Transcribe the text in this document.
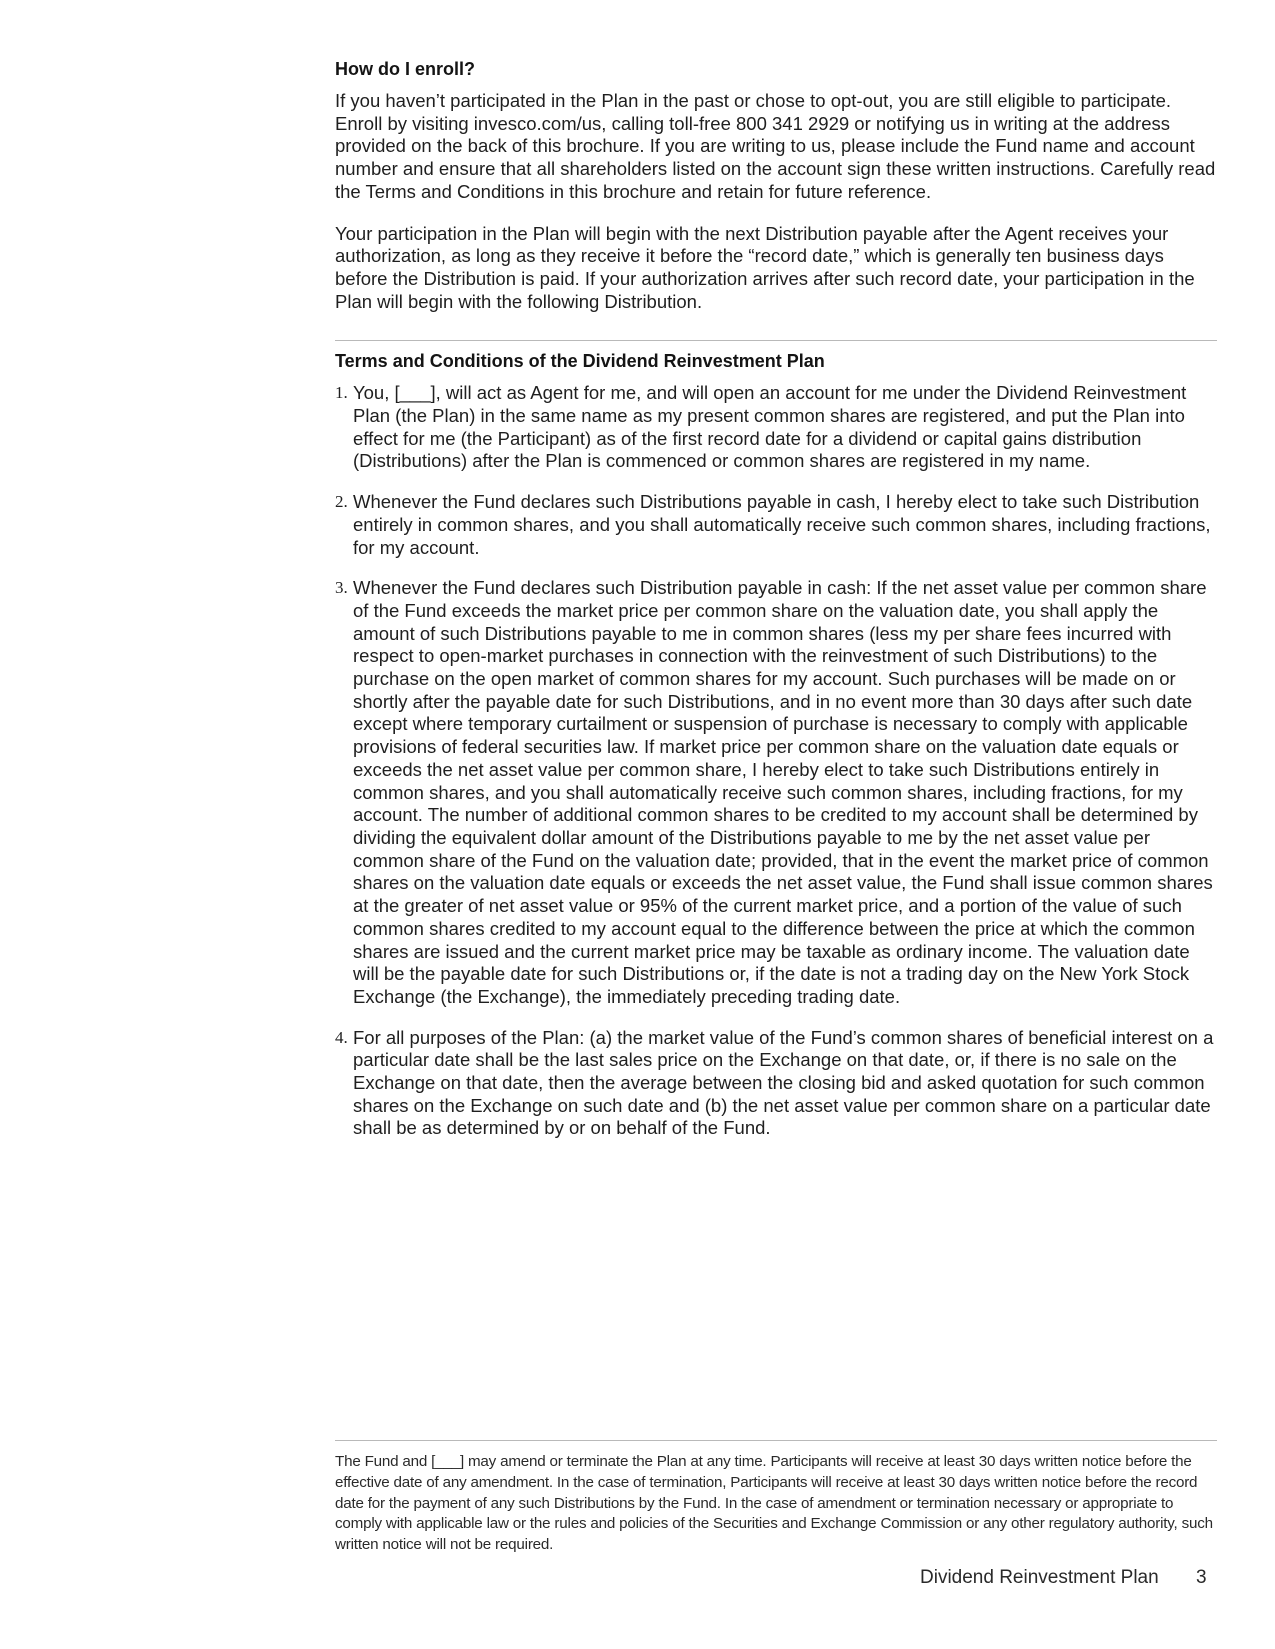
How do I enroll?

If you haven’t participated in the Plan in the past or chose to opt-out, you are still eligible to participate. Enroll by visiting invesco.com/us, calling toll-free 800 341 2929 or notifying us in writing at the address provided on the back of this brochure. If you are writing to us, please include the Fund name and account number and ensure that all shareholders listed on the account sign these written instructions. Carefully read the Terms and Conditions in this brochure and retain for future reference.

Your participation in the Plan will begin with the next Distribution payable after the Agent receives your authorization, as long as they receive it before the “record date,” which is generally ten business days before the Distribution is paid. If your authorization arrives after such record date, your participation in the Plan will begin with the following Distribution.

Terms and Conditions of the Dividend Reinvestment Plan
1. You, [___], will act as Agent for me, and will open an account for me under the Dividend Reinvestment Plan (the Plan) in the same name as my present common shares are registered, and put the Plan into effect for me (the Participant) as of the first record date for a dividend or capital gains distribution (Distributions) after the Plan is commenced or common shares are registered in my name.
2. Whenever the Fund declares such Distributions payable in cash, I hereby elect to take such Distribution entirely in common shares, and you shall automatically receive such common shares, including fractions, for my account.
3. Whenever the Fund declares such Distribution payable in cash: If the net asset value per common share of the Fund exceeds the market price per common share on the valuation date, you shall apply the amount of such Distributions payable to me in common shares (less my per share fees incurred with respect to open-market purchases in connection with the reinvestment of such Distributions) to the purchase on the open market of common shares for my account. Such purchases will be made on or shortly after the payable date for such Distributions, and in no event more than 30 days after such date except where temporary curtailment or suspension of purchase is necessary to comply with applicable provisions of federal securities law. If market price per common share on the valuation date equals or exceeds the net asset value per common share, I hereby elect to take such Distributions entirely in common shares, and you shall automatically receive such common shares, including fractions, for my account. The number of additional common shares to be credited to my account shall be determined by dividing the equivalent dollar amount of the Distributions payable to me by the net asset value per common share of the Fund on the valuation date; provided, that in the event the market price of common shares on the valuation date equals or exceeds the net asset value, the Fund shall issue common shares at the greater of net asset value or 95% of the current market price, and a portion of the value of such common shares credited to my account equal to the difference between the price at which the common shares are issued and the current market price may be taxable as ordinary income. The valuation date will be the payable date for such Distributions or, if the date is not a trading day on the New York Stock Exchange (the Exchange), the immediately preceding trading date.
4. For all purposes of the Plan: (a) the market value of the Fund’s common shares of beneficial interest on a particular date shall be the last sales price on the Exchange on that date, or, if there is no sale on the Exchange on that date, then the average between the closing bid and asked quotation for such common shares on the Exchange on such date and (b) the net asset value per common share on a particular date shall be as determined by or on behalf of the Fund.
The Fund and [___] may amend or terminate the Plan at any time. Participants will receive at least 30 days written notice before the effective date of any amendment. In the case of termination, Participants will receive at least 30 days written notice before the record date for the payment of any such Distributions by the Fund. In the case of amendment or termination necessary or appropriate to comply with applicable law or the rules and policies of the Securities and Exchange Commission or any other regulatory authority, such written notice will not be required.
Dividend Reinvestment Plan 3
